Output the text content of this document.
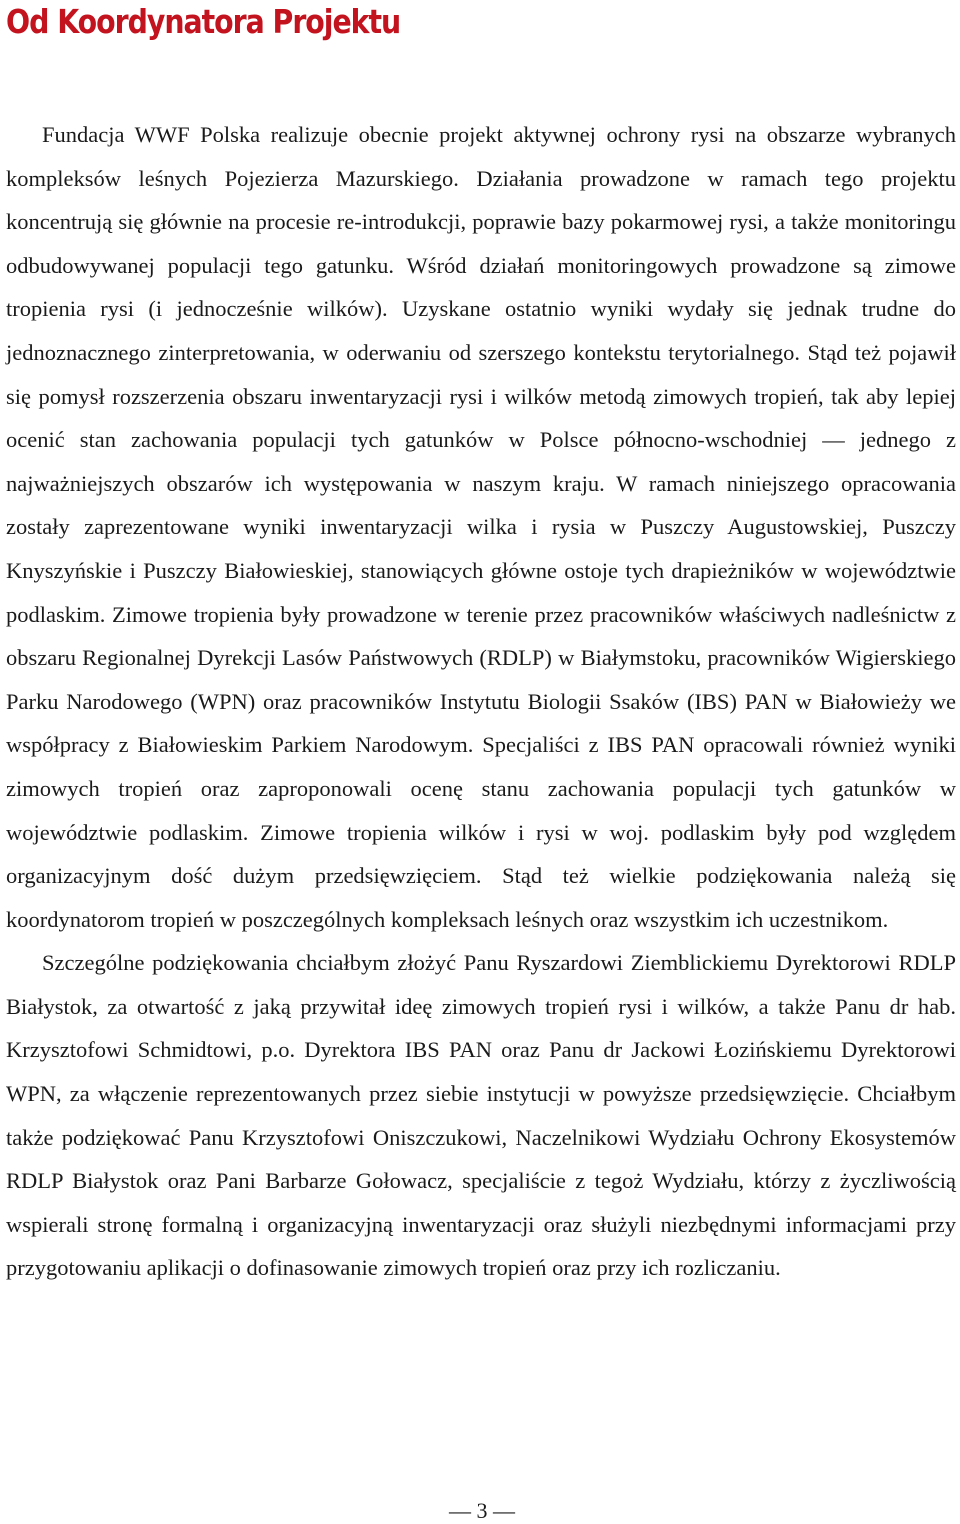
Od Koordynatora Projektu

Fundacja WWF Polska realizuje obecnie projekt aktywnej ochrony rysi na obszarze wybranych kompleksów leśnych Pojezierza Mazurskiego. Działania prowadzone w ramach tego projektu koncentrują się głównie na procesie re-introdukcji, poprawie bazy pokarmowej rysi, a także monitoringu odbudowywanej populacji tego gatunku. Wśród działań monitoringowych prowadzone są zimowe tropienia rysi (i jednocześnie wilków). Uzyskane ostatnio wyniki wydały się jednak trudne do jednoznacznego zinterpretowania, w oderwaniu od szerszego kontekstu terytorialnego. Stąd też pojawił się pomysł rozszerzenia obszaru inwentaryzacji rysi i wilków metodą zimowych tropień, tak aby lepiej ocenić stan zachowania populacji tych gatunków w Polsce północno-wschodniej — jednego z najważniejszych obszarów ich występowania w naszym kraju. W ramach niniejszego opracowania zostały zaprezentowane wyniki inwentaryzacji wilka i rysia w Puszczy Augustowskiej, Puszczy Knyszyńskie i Puszczy Białowieskiej, stanowiących główne ostoje tych drapieżników w województwie podlaskim. Zimowe tropienia były prowadzone w terenie przez pracowników właściwych nadleśnictw z obszaru Regionalnej Dyrekcji Lasów Państwowych (RDLP) w Białymstoku, pracowników Wigierskiego Parku Narodowego (WPN) oraz pracowników Instytutu Biologii Ssaków (IBS) PAN w Białowieży we współpracy z Białowieskim Parkiem Narodowym. Specjaliści z IBS PAN opracowali również wyniki zimowych tropień oraz zaproponowali ocenę stanu zachowania populacji tych gatunków w województwie podlaskim. Zimowe tropienia wilków i rysi w woj. podlaskim były pod względem organizacyjnym dość dużym przedsięwzięciem. Stąd też wielkie podziękowania należą się koordynatorom tropień w poszczególnych kompleksach leśnych oraz wszystkim ich uczestnikom.

Szczególne podziękowania chciałbym złożyć Panu Ryszardowi Ziemblickiemu Dyrektorowi RDLP Białystok, za otwartość z jaką przywitał ideę zimowych tropień rysi i wilków, a także Panu dr hab. Krzysztofowi Schmidtowi, p.o. Dyrektora IBS PAN oraz Panu dr Jackowi Łozińskiemu Dyrektorowi WPN, za włączenie reprezentowanych przez siebie instytucji w powyższe przedsięwzięcie. Chciałbym także podziękować Panu Krzysztofowi Oniszczukowi, Naczelnikowi Wydziału Ochrony Ekosystemów RDLP Białystok oraz Pani Barbarze Gołowacz, specjaliście z tegoż Wydziału, którzy z życzliwością wspierali stronę formalną i organizacyjną inwentaryzacji oraz służyli niezbędnymi informacjami przy przygotowaniu aplikacji o dofinasowanie zimowych tropień oraz przy ich rozliczaniu.

— 3 —
